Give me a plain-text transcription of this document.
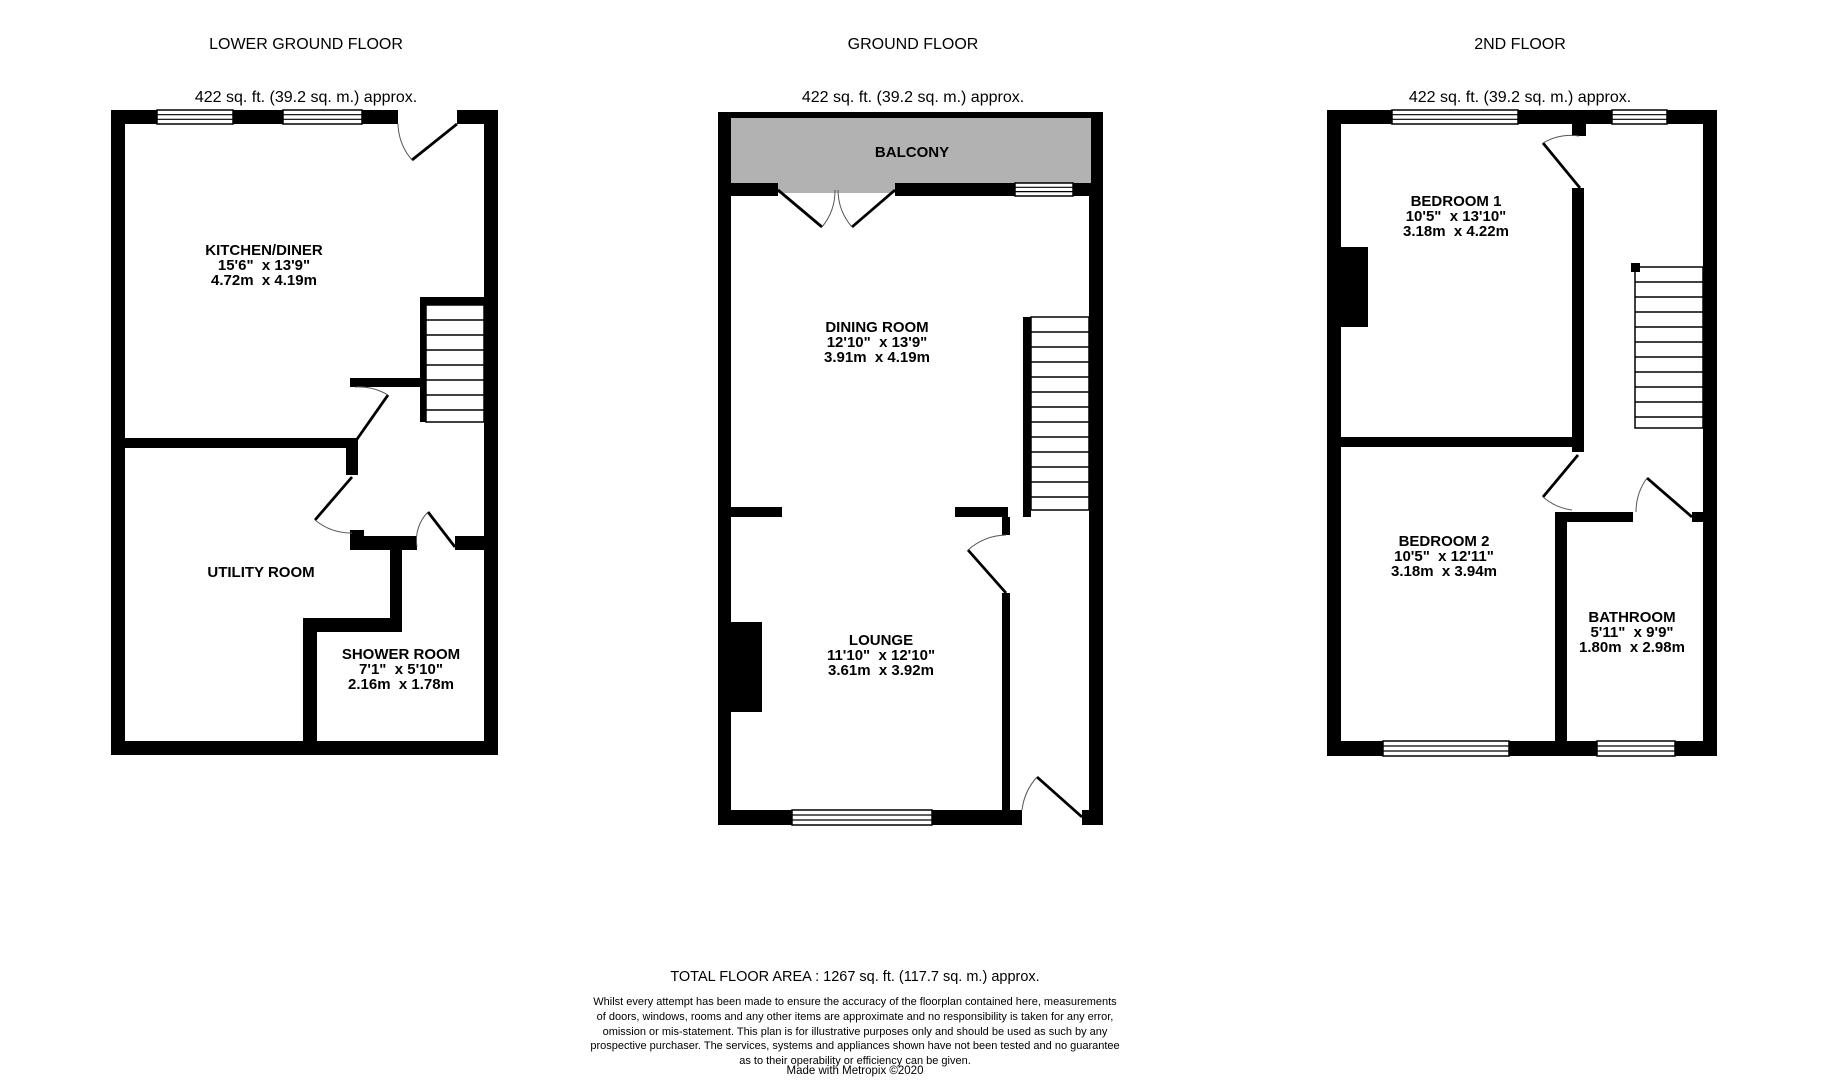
LOWER GROUND FLOOR

422 sq. ft. (39.2 sq. m.) approx.

GROUND FLOOR

422 sq. ft. (39.2 sq. m.) approx.

2ND FLOOR

422 sq. ft. (39.2 sq. m.) approx.

BALCONY
KITCHEN/DINER
15'6"  x 13'9"
4.72m  x 4.19m
UTILITY ROOM
SHOWER ROOM
7'1"  x 5'10"
2.16m  x 1.78m
DINING ROOM
12'10"  x 13'9"
3.91m  x 4.19m
LOUNGE
11'10"  x 12'10"
3.61m  x 3.92m
BEDROOM 1
10'5"  x 13'10"
3.18m  x 4.22m
BEDROOM 2
10'5"  x 12'11"
3.18m  x 3.94m
BATHROOM
5'11"  x 9'9"
1.80m  x 2.98m
TOTAL FLOOR AREA : 1267 sq. ft. (117.7 sq. m.) approx.
Whilst every attempt has been made to ensure the accuracy of the floorplan contained here, measurements
of doors, windows, rooms and any other items are approximate and no responsibility is taken for any error,
omission or mis-statement. This plan is for illustrative purposes only and should be used as such by any
prospective purchaser. The services, systems and appliances shown have not been tested and no guarantee
as to their operability or efficiency can be given.
Made with Metropix ©2020
